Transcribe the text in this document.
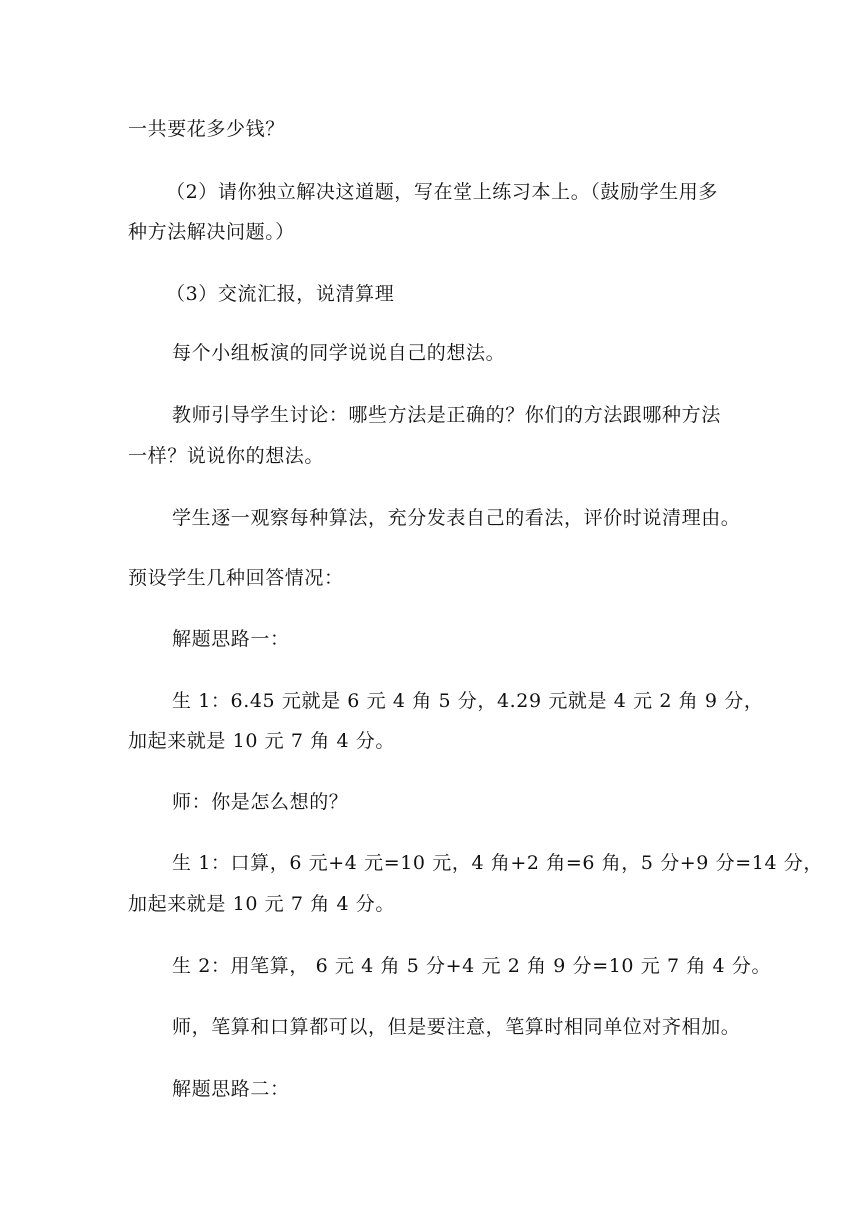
一共要花多少钱？
（2）请你独立解决这道题，写在堂上练习本上。（鼓励学生用多
种方法解决问题。）
（3）交流汇报，说清算理
每个小组板演的同学说说自己的想法。
教师引导学生讨论：哪些方法是正确的？你们的方法跟哪种方法
一样？说说你的想法。
学生逐一观察每种算法，充分发表自己的看法，评价时说清理由。
预设学生几种回答情况：
解题思路一：
生 1：6.45 元就是 6 元 4 角 5 分，4.29 元就是 4 元 2 角 9 分，
加起来就是 10 元 7 角 4 分。
师：你是怎么想的？
生 1：口算，6 元+4 元=10 元，4 角+2 角=6 角，5 分+9 分=14 分，
加起来就是 10 元 7 角 4 分。
生 2：用笔算， 6 元 4 角 5 分+4 元 2 角 9 分=10 元 7 角 4 分。
师，笔算和口算都可以，但是要注意，笔算时相同单位对齐相加。
解题思路二：
